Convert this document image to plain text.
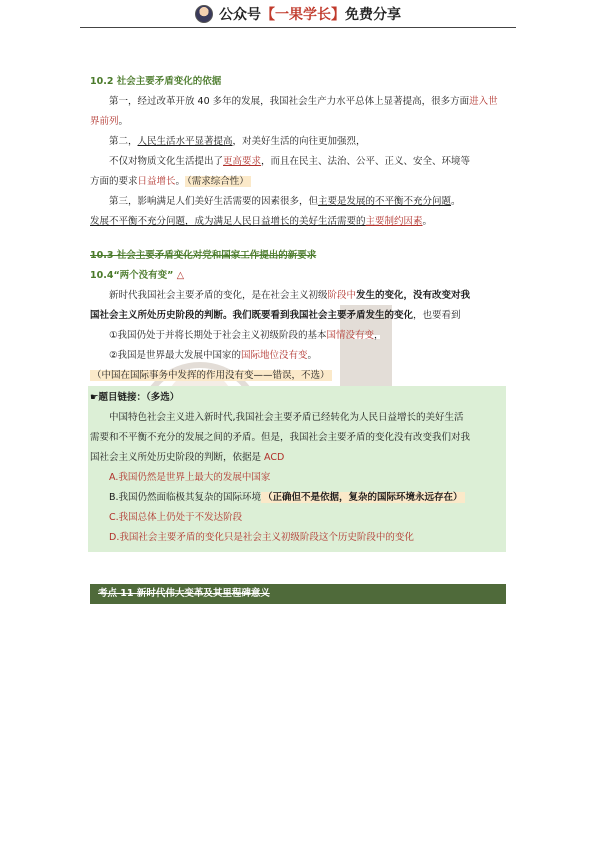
公众号 【一果学长】 免费分享

10.2 社会主要矛盾变化的依据

第一，经过改革开放 40 多年的发展，我国社会生产力水平总体上显著提高，很多方面进入世界前列。

第二，人民生活水平显著提高，对美好生活的向往更加强烈，

不仅对物质文化生活提出了更高要求，而且在民主、法治、公平、正义、安全、环境等

方面的要求日益增长。 （需求综合性）

第三，影响满足人们美好生活需要的因素很多，但主要是发展的不平衡不充分问题。

发展不平衡不充分问题，成为满足人民日益增长的美好生活需要的主要制约因素。

10.3 社会主要矛盾变化对党和国家工作提出的新要求

10.4“两个没有变” △

新时代我国社会主要矛盾的变化，是在社会主义初级阶段中发生的变化，没有改变对我

国社会主义所处历史阶段的判断。我们既要看到我国社会主要矛盾发生的变化，也要看到

①我国仍处于并将长期处于社会主义初级阶段的基本国情没有变，

②我国是世界最大发展中国家的国际地位没有变。

（中国在国际事务中发挥的作用没有变——错误，不选）

☛题目链接：（多选）

中国特色社会主义进入新时代,我国社会主要矛盾已经转化为人民日益增长的美好生活

需要和不平衡不充分的发展之间的矛盾。但是，我国社会主要矛盾的变化没有改变我们对我

国社会主义所处历史阶段的判断，依据是 ACD

A.我国仍然是世界上最大的发展中国家

B.我国仍然面临极其复杂的国际环境 （正确但不是依据，复杂的国际环境永远存在）

C.我国总体上仍处于不发达阶段

D.我国社会主要矛盾的变化只是社会主义初级阶段这个历史阶段中的变化

考点 11 新时代伟大变革及其里程碑意义
